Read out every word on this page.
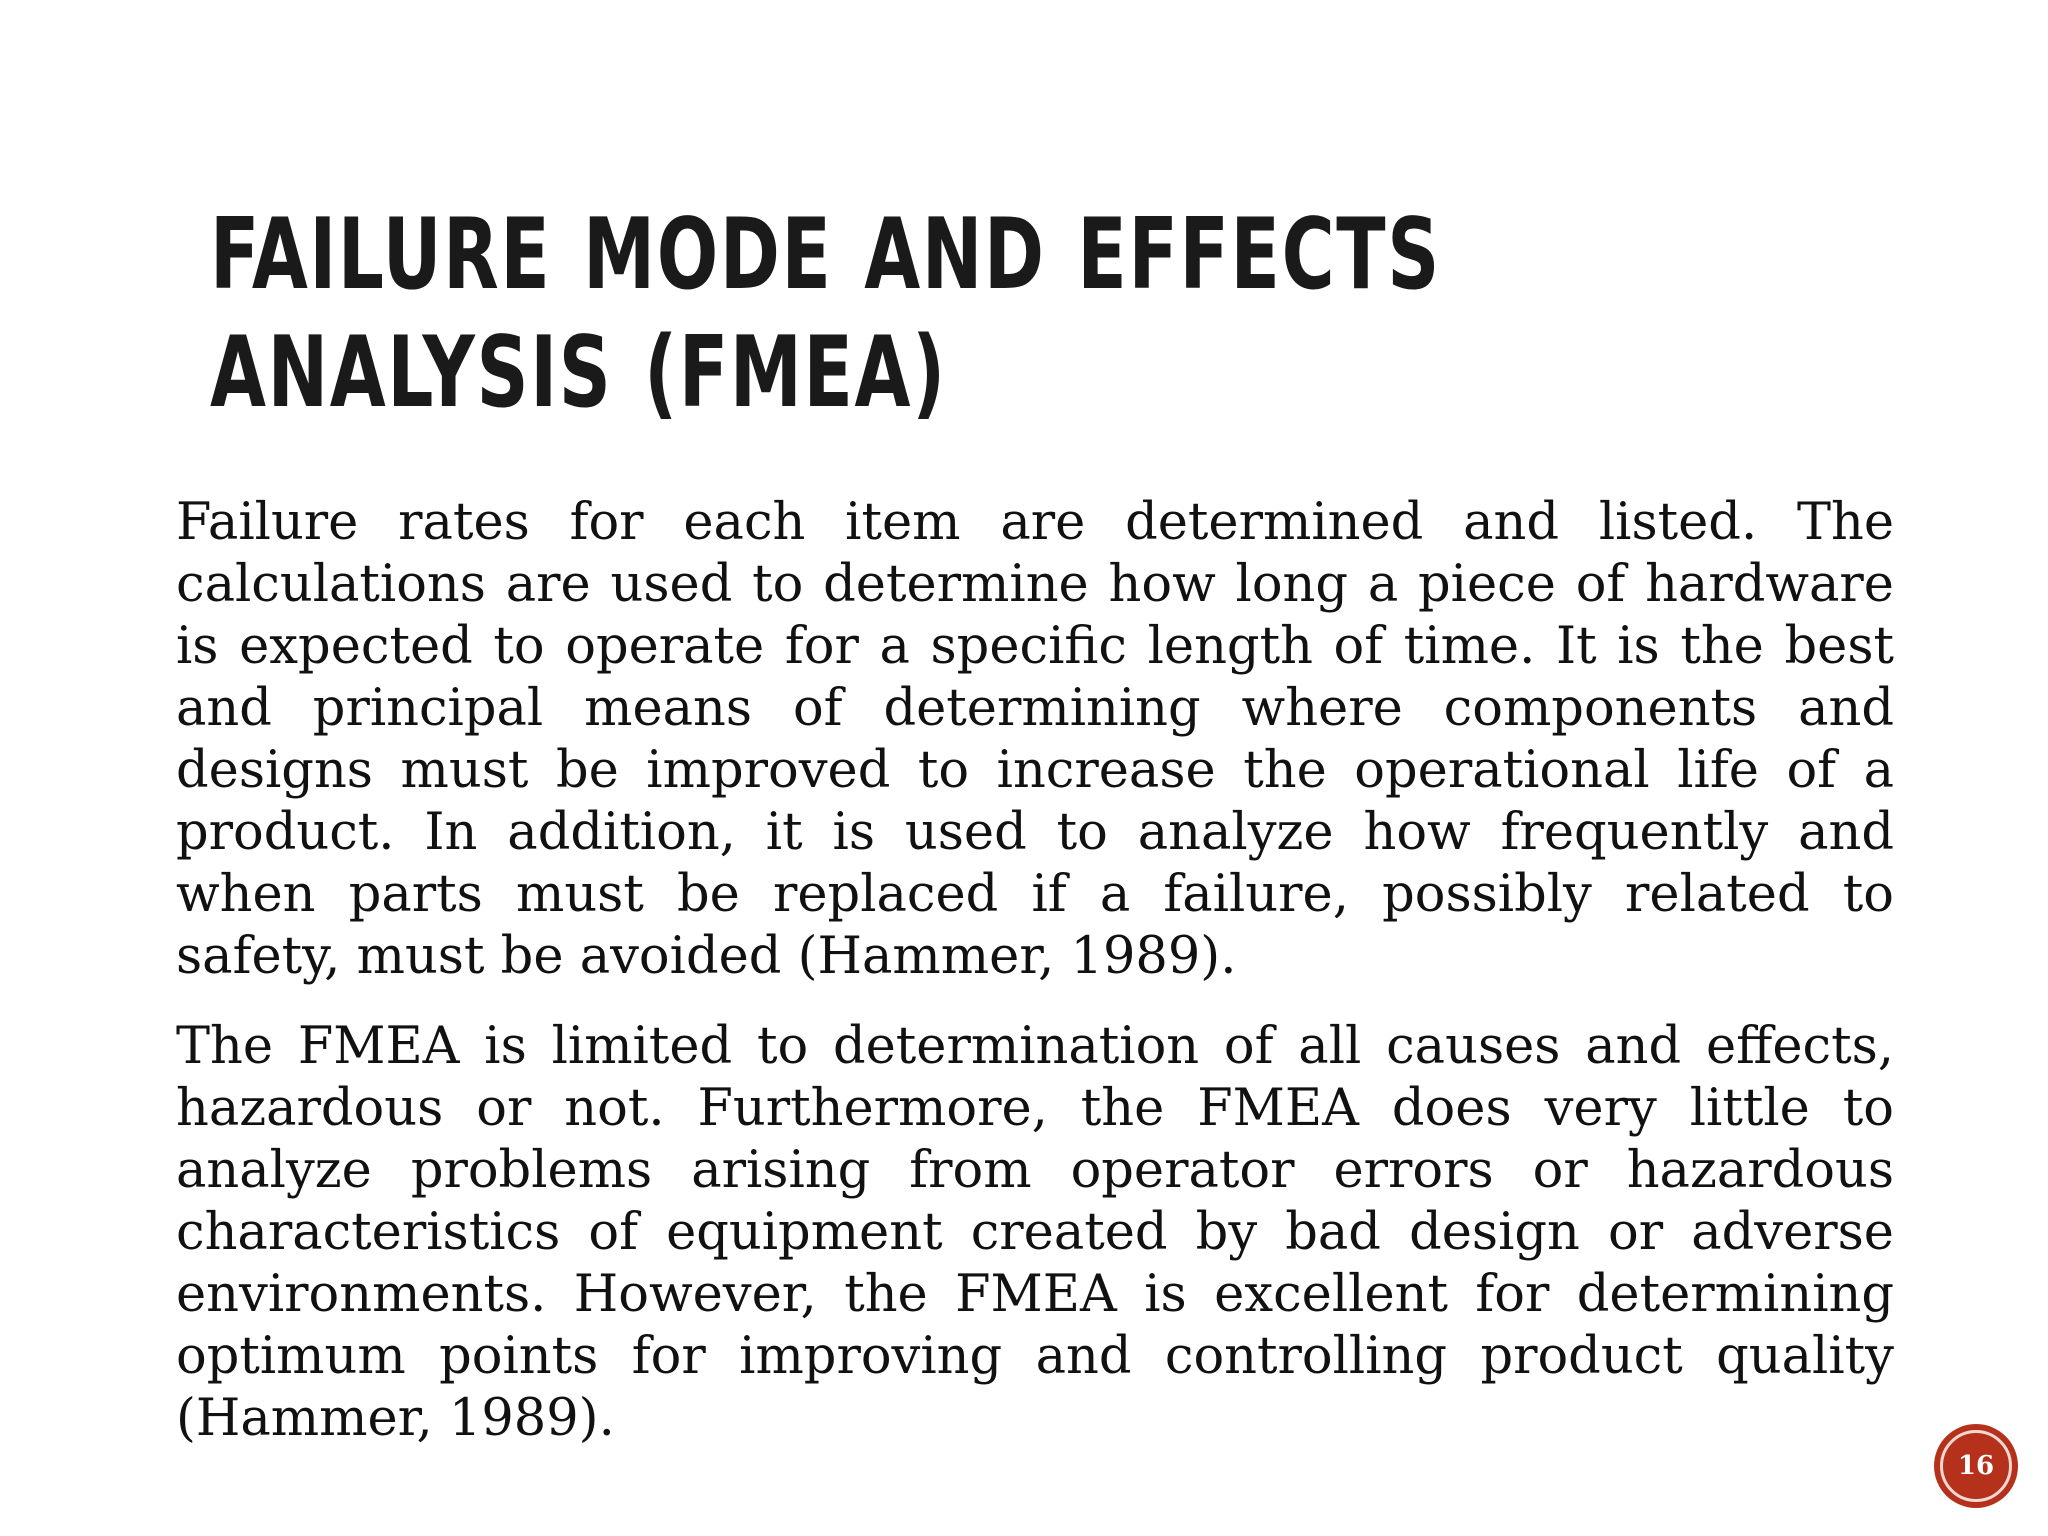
FAILURE MODE AND EFFECTS ANALYSIS (FMEA)

Failure rates for each item are determined and listed. The calculations are used to determine how long a piece of hardware is expected to operate for a specific length of time. It is the best and principal means of determining where components and designs must be improved to increase the operational life of a product. In addition, it is used to analyze how frequently and when parts must be replaced if a failure, possibly related to safety, must be avoided (Hammer, 1989).

The FMEA is limited to determination of all causes and effects, hazardous or not. Furthermore, the FMEA does very little to analyze problems arising from operator errors or hazardous characteristics of equipment created by bad design or adverse environments. However, the FMEA is excellent for determining optimum points for improving and controlling product quality (Hammer, 1989).

16
